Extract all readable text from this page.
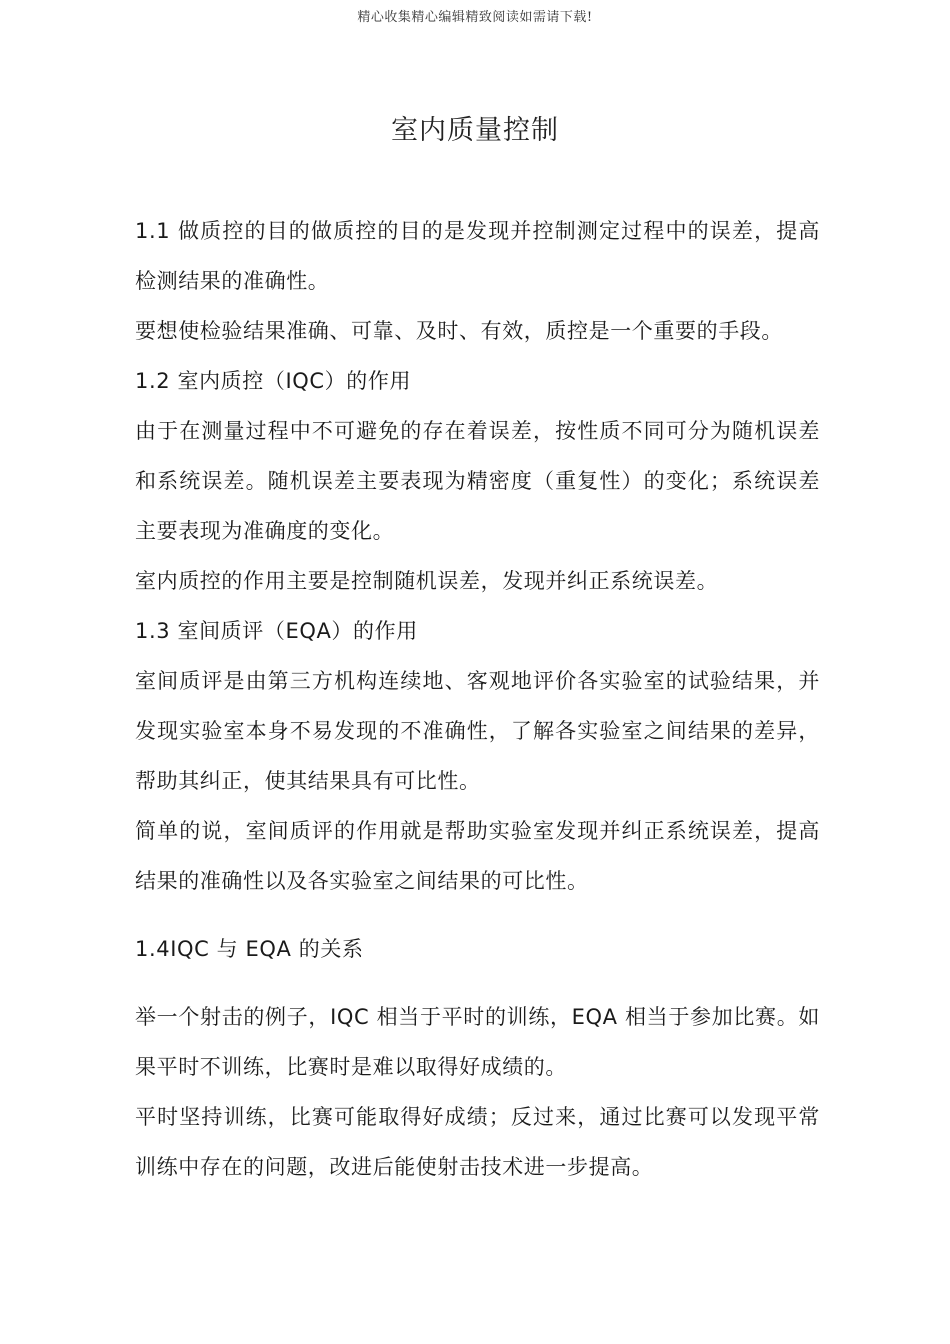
精心收集精心编辑精致阅读如需请下载!
室内质量控制

1.1 做质控的目的做质控的目的是发现并控制测定过程中的误差，提高检测结果的准确性。

要想使检验结果准确、可靠、及时、有效，质控是一个重要的手段。

1.2 室内质控（IQC）的作用

由于在测量过程中不可避免的存在着误差，按性质不同可分为随机误差和系统误差。随机误差主要表现为精密度（重复性）的变化；系统误差主要表现为准确度的变化。

室内质控的作用主要是控制随机误差，发现并纠正系统误差。

1.3 室间质评（EQA）的作用

室间质评是由第三方机构连续地、客观地评价各实验室的试验结果，并发现实验室本身不易发现的不准确性，了解各实验室之间结果的差异，帮助其纠正，使其结果具有可比性。

简单的说，室间质评的作用就是帮助实验室发现并纠正系统误差，提高结果的准确性以及各实验室之间结果的可比性。

1.4IQC 与 EQA 的关系

举一个射击的例子，IQC 相当于平时的训练，EQA 相当于参加比赛。如果平时不训练，比赛时是难以取得好成绩的。

平时坚持训练，比赛可能取得好成绩；反过来，通过比赛可以发现平常训练中存在的问题，改进后能使射击技术进一步提高。
